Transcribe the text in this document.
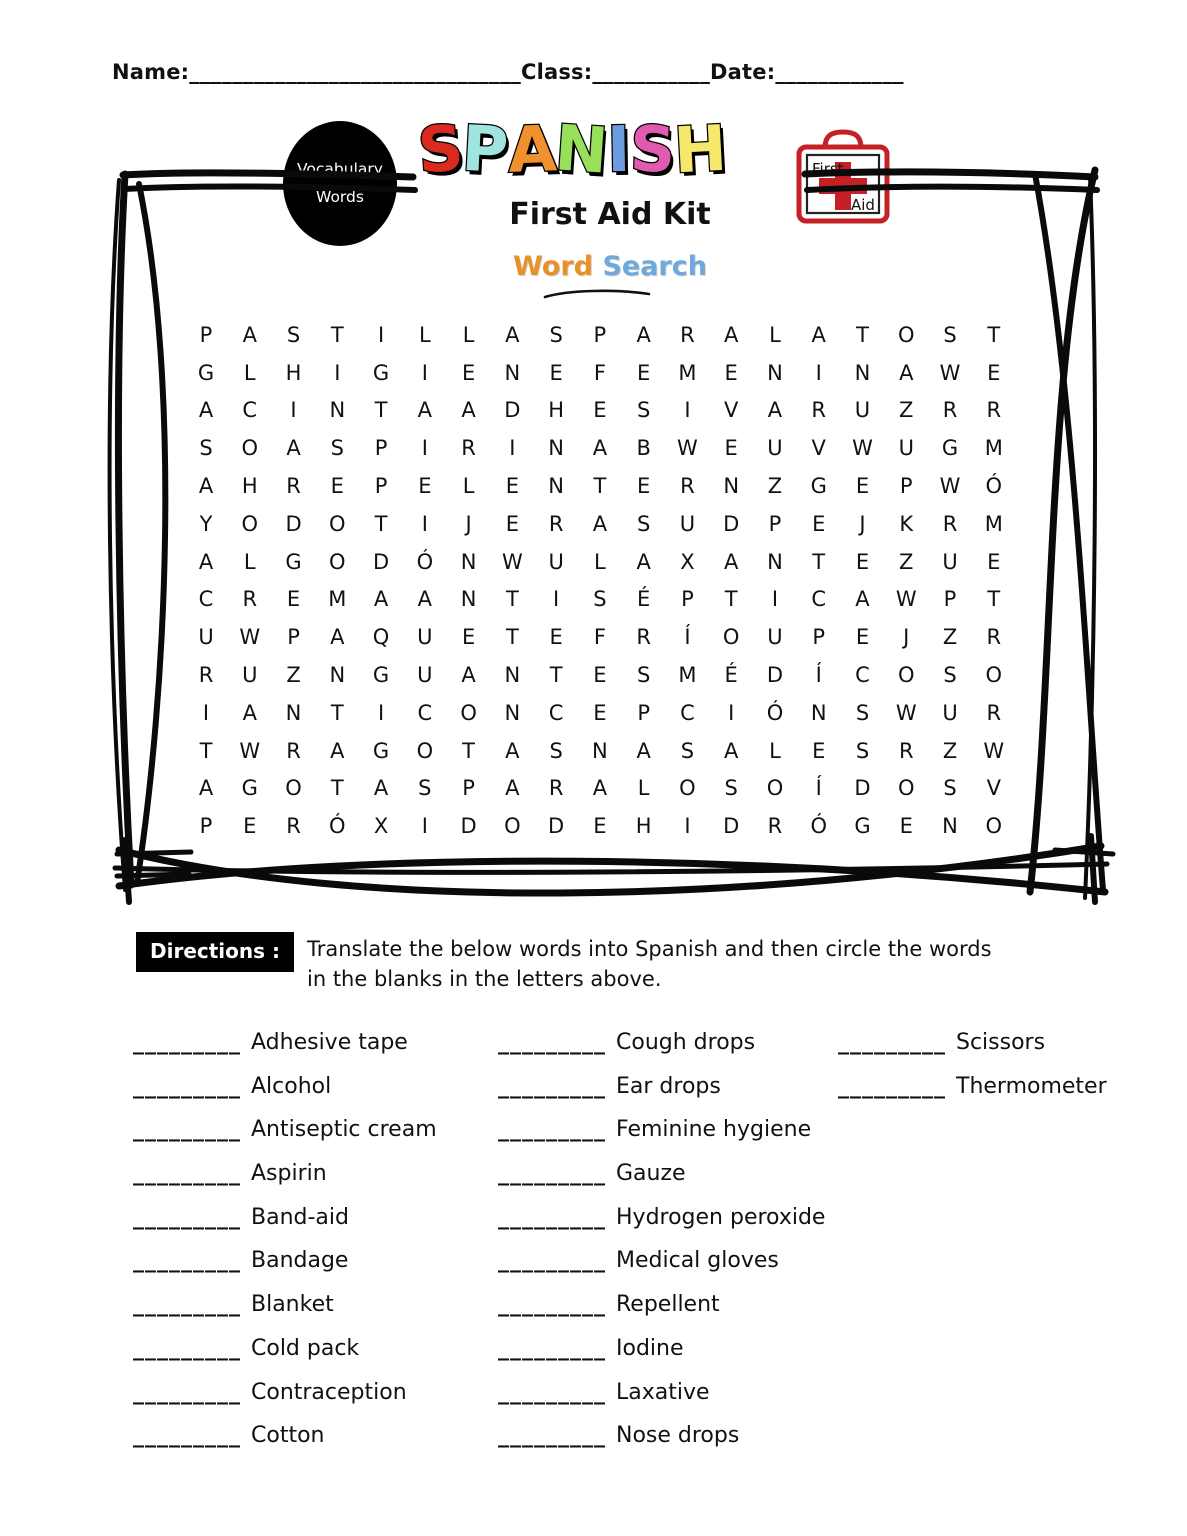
Name:_______________________________Class:___________Date:____________
Vocabulary
Words
SPANISH
First Aid Kit
Word Search
First
Aid
P	A	S	T	I	L	L	A	S	P	A	R	A	L	A	T	O	S	T
G	L	H	I	G	I	E	N	E	F	E	M	E	N	I	N	A	W	E
A	C	I	N	T	A	A	D	H	E	S	I	V	A	R	U	Z	R	R
S	O	A	S	P	I	R	I	N	A	B	W	E	U	V	W	U	G	M
A	H	R	E	P	E	L	E	N	T	E	R	N	Z	G	E	P	W	Ó
Y	O	D	O	T	I	J	E	R	A	S	U	D	P	E	J	K	R	M
A	L	G	O	D	Ó	N	W	U	L	A	X	A	N	T	E	Z	U	E
C	R	E	M	A	A	N	T	I	S	É	P	T	I	C	A	W	P	T
U	W	P	A	Q	U	E	T	E	F	R	Í	O	U	P	E	J	Z	R
R	U	Z	N	G	U	A	N	T	E	S	M	É	D	Í	C	O	S	O
I	A	N	T	I	C	O	N	C	E	P	C	I	Ó	N	S	W	U	R
T	W	R	A	G	O	T	A	S	N	A	S	A	L	E	S	R	Z	W
A	G	O	T	A	S	P	A	R	A	L	O	S	O	Í	D	O	S	V
P	E	R	Ó	X	I	D	O	D	E	H	I	D	R	Ó	G	E	N	O
Directions :	Translate the below words into Spanish and then circle the words in the blanks in the letters above.
_________ Adhesive tape
_________ Alcohol
_________ Antiseptic cream
_________ Aspirin
_________ Band-aid
_________ Bandage
_________ Blanket
_________ Cold pack
_________ Contraception
_________ Cotton
_________ Cough drops
_________ Ear drops
_________ Feminine hygiene
_________ Gauze
_________ Hydrogen peroxide
_________ Medical gloves
_________ Repellent
_________ Iodine
_________ Laxative
_________ Nose drops
_________ Scissors
_________ Thermometer
